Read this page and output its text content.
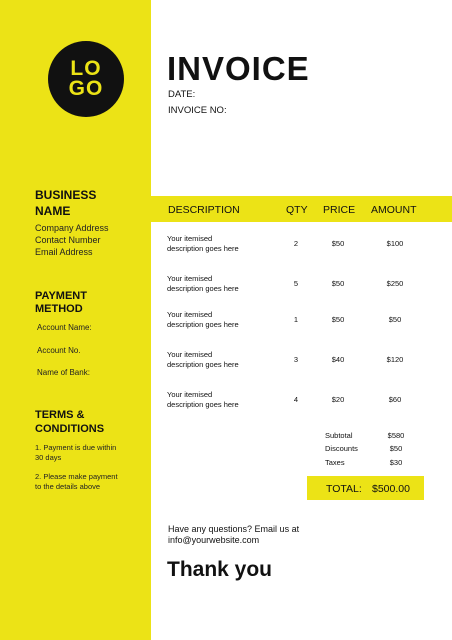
LO
GO
BUSINESS
NAME
Company Address
Contact Number
Email Address
PAYMENT
METHOD
Account Name:
Account No.
Name of Bank:
TERMS &
CONDITIONS
1. Payment is due within
30 days
2. Please make payment
to the details above
INVOICE
DATE:
INVOICE NO:
DESCRIPTION	QTY PRICE AMOUNT
Your itemised
description goes here
2	$50	$100
Your itemised
description goes here
5	$50	$250
Your itemised
description goes here
1	$50	$50
Your itemised
description goes here
3	$40	$120
Your itemised
description goes here
4	$20	$60
Subtotal	$580
Discounts	$50
Taxes	$30
TOTAL: $500.00
Have any questions? Email us at
info@yourwebsite.com
Thank you
